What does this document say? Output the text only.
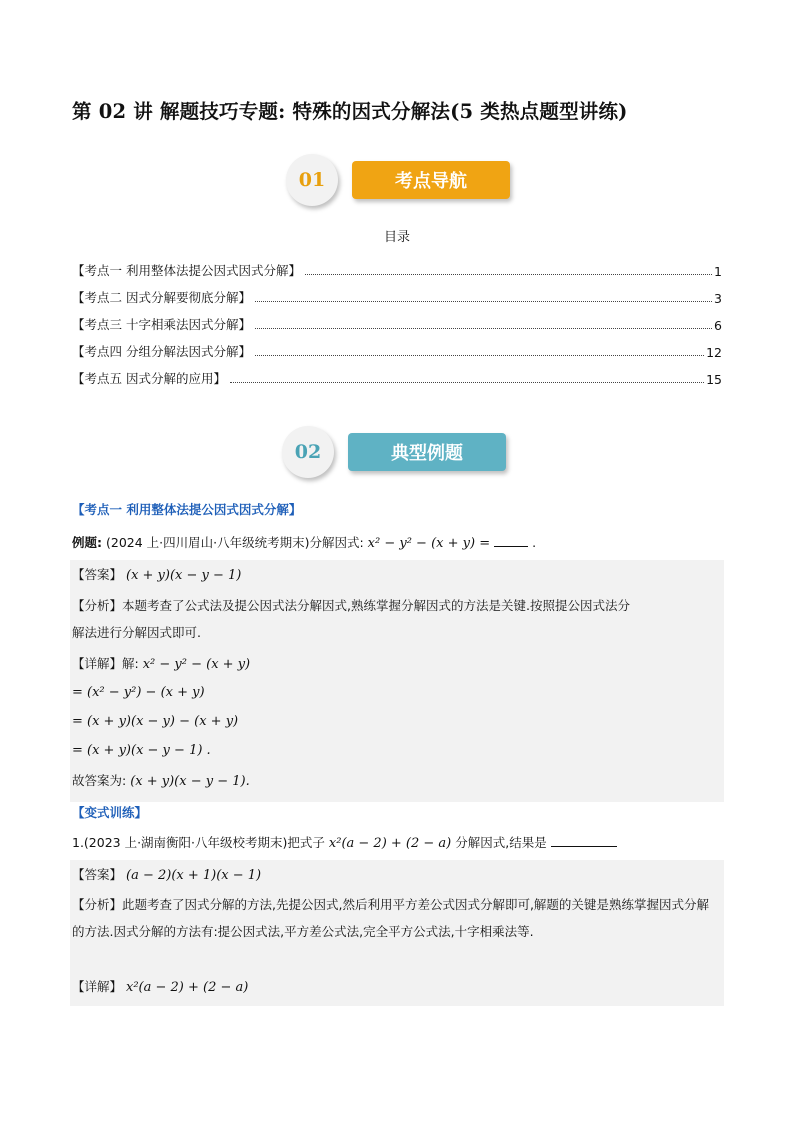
第 02 讲 解题技巧专题: 特殊的因式分解法(5 类热点题型讲练)
01	考点导航
目录
【考点一 利用整体法提公因式因式分解】	1
【考点二 因式分解要彻底分解】	3
【考点三 十字相乘法因式分解】	6
【考点四 分组分解法因式分解】	12
【考点五 因式分解的应用】	15
02	典型例题
【考点一 利用整体法提公因式因式分解】
例题: (2024 上·四川眉山·八年级统考期末)分解因式: x² − y² − (x + y) =	.
【答案】 (x + y)(x − y − 1)
【分析】本题考查了公式法及提公因式法分解因式,熟练掌握分解因式的方法是关键.按照提公因式法分
解法进行分解因式即可.
【详解】解: x² − y² − (x + y)
= (x² − y²) − (x + y)
= (x + y)(x − y) − (x + y)
= (x + y)(x − y − 1) .
故答案为: (x + y)(x − y − 1).
【变式训练】
1.(2023 上·湖南衡阳·八年级校考期末)把式子 x²(a − 2) + (2 − a) 分解因式,结果是
【答案】 (a − 2)(x + 1)(x − 1)
【分析】此题考查了因式分解的方法,先提公因式,然后利用平方差公式因式分解即可,解题的关键是熟练掌握因式分解的方法.因式分解的方法有:提公因式法,平方差公式法,完全平方公式法,十字相乘法等.
【详解】 x²(a − 2) + (2 − a)
